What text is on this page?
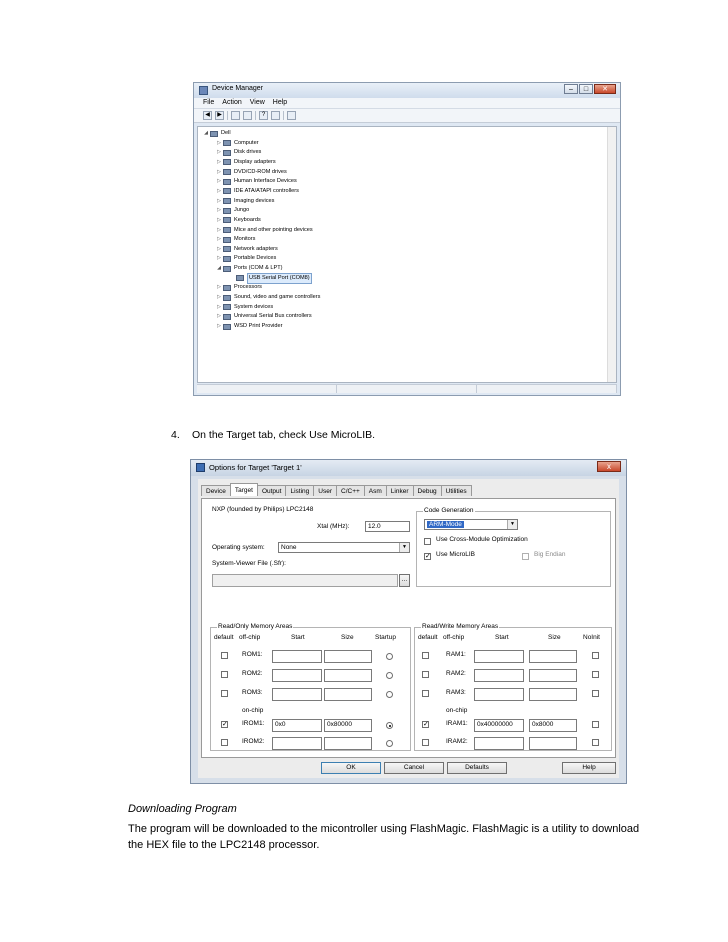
Device Manager	–	□	✕
File Action View Help
◀	▶	?
◢	Dell
▷	Computer
▷	Disk drives
▷	Display adapters
▷	DVD/CD-ROM drives
▷	Human Interface Devices
▷	IDE ATA/ATAPI controllers
▷	Imaging devices
▷	Jungo
▷	Keyboards
▷	Mice and other pointing devices
▷	Monitors
▷	Network adapters
▷	Portable Devices
◢	Ports (COM & LPT)
USB Serial Port (COM8)
▷	Processors
▷	Sound, video and game controllers
▷	System devices
▷	Universal Serial Bus controllers
▷	WSD Print Provider
4. On the Target tab, check Use MicroLIB.
Options for Target 'Target 1'	x
Device	Target	Output	Listing	User	C/C++	Asm	Linker	Debug	Utilities
NXP (founded by Philips) LPC2148
Xtal (MHz):	12.0
Operating system:	None	▼
System-Viewer File (.Sfr):
...
Code Generation
ARM-Mode	▼
Use Cross-Module Optimization
✓ Use MicroLIB	Big Endian
Read/Only Memory Areas
default off-chip	Start	Size	Startup
ROM1:
ROM2:
ROM3:
✓ IROM1:	0x0	0x80000
IROM2:
on-chip
Read/Write Memory Areas
default off-chip	Start	Size	NoInit
RAM1:
RAM2:
RAM3:
✓	IRAM1:	0x40000000	0x8000
IRAM2:
on-chip
OK	Cancel	Defaults	Help
Downloading Program
The program will be downloaded to the micontroller using FlashMagic. FlashMagic is a utility to download the HEX file to the LPC2148 processor.
